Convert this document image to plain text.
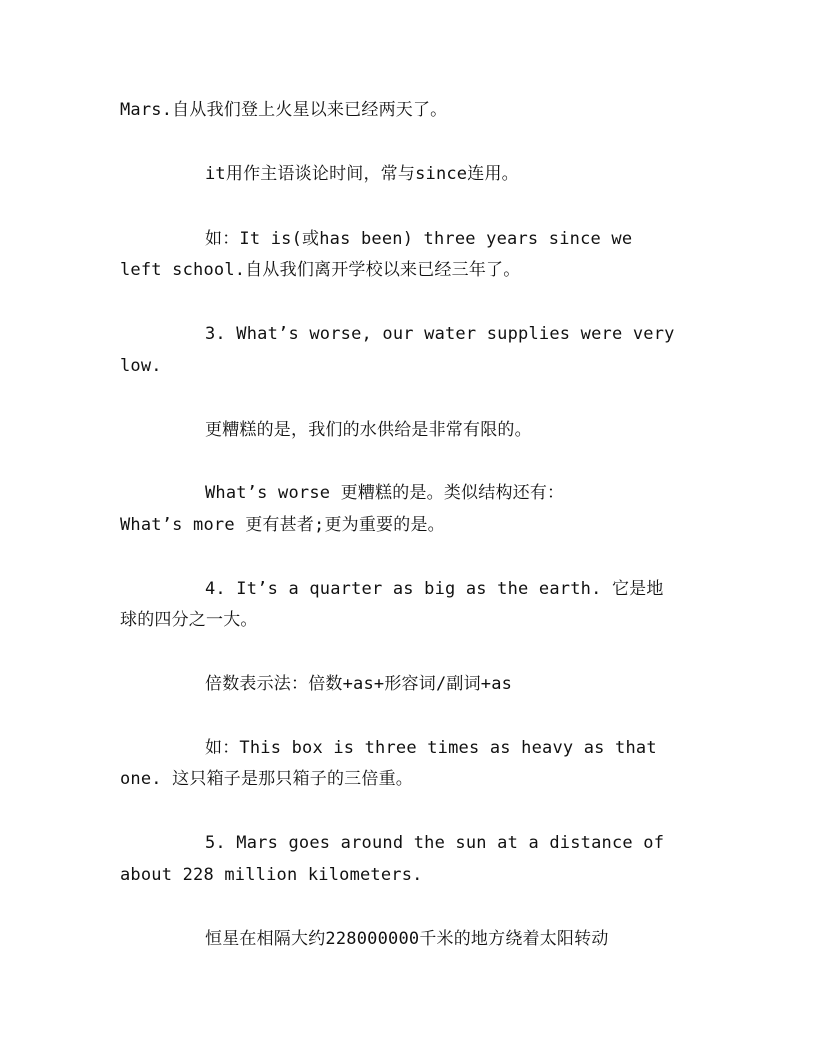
Mars.自从我们登上火星以来已经两天了。
it用作主语谈论时间，常与since连用。
如：It is(或has been) three years since we
left school.自从我们离开学校以来已经三年了。
3. What’s worse, our water supplies were very
low.
更糟糕的是，我们的水供给是非常有限的。
What’s worse 更糟糕的是。类似结构还有：
What’s more 更有甚者;更为重要的是。
4. It’s a quarter as big as the earth. 它是地
球的四分之一大。
倍数表示法：倍数+as+形容词/副词+as
如：This box is three times as heavy as that
one. 这只箱子是那只箱子的三倍重。
5. Mars goes around the sun at a distance of
about 228 million kilometers.
恒星在相隔大约228000000千米的地方绕着太阳转动
